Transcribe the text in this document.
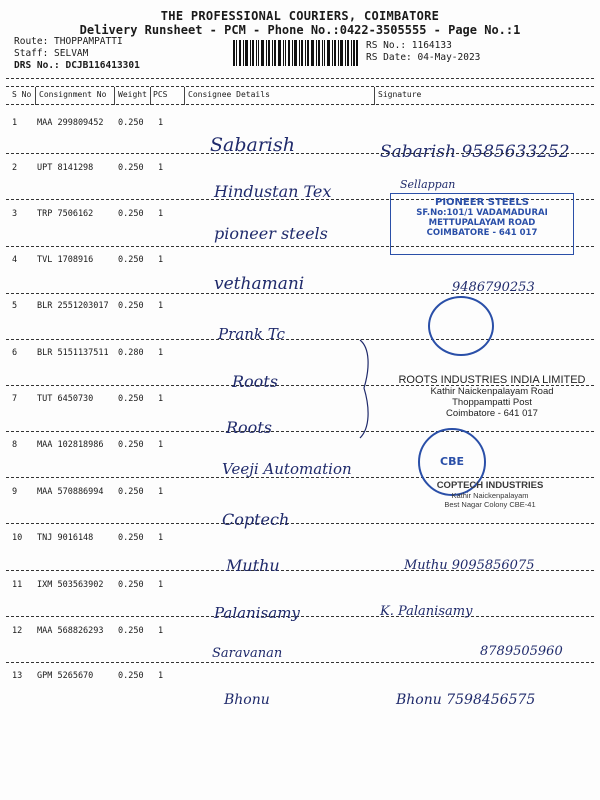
THE PROFESSIONAL COURIERS, COIMBATORE
Delivery Runsheet - PCM - Phone No.:0422-3505555 - Page No.:1
Route: THOPPAMPATTI
Staff: SELVAM
DRS No.: DCJB116413301
RS No.: 1164133
RS Date: 04-May-2023
S No Consignment No Weight PCS	Consignee Details	Signature
1 MAA 299809452 0.250 1
Sabarish	Sabarish 9585633252
2 UPT 8141298	0.250 1
Hindustan Tex	Sellappan
3 TRP 7506162	0.250 1
pioneer steels
PIONEER STEELS
SF.No:101/1 VADAMADURAI
METTUPALAYAM ROAD
COIMBATORE - 641 017
4 TVL 1708916	0.250 1
vethamani	9486790253
5 BLR 2551203017 0.250 1
6 BLR 5151137511 0.280 1
Prank Tc
7 TUT 6450730	0.250 1
Roots	ROOTS INDUSTRIES INDIA LIMITED
Kathir Naickenpalayam Road
Thoppampatti Post
Coimbatore - 641 017
8 MAA 102818986 0.250 1
Roots
CBE
9 MAA 570886994 0.250 1
Veeji Automation
COPTECH INDUSTRIES
Kathir Naickenpalayam
Best Nagar Colony CBE-41
10 TNJ 9016148	0.250 1
Coptech
11 IXM 503563902 0.250 1
Muthu	Muthu 9095856075
12 MAA 568826293 0.250 1
Palanisamy	K. Palanisamy
13 GPM 5265670	0.250 1
Saravanan	8789505960
Bhonu	Bhonu 7598456575
